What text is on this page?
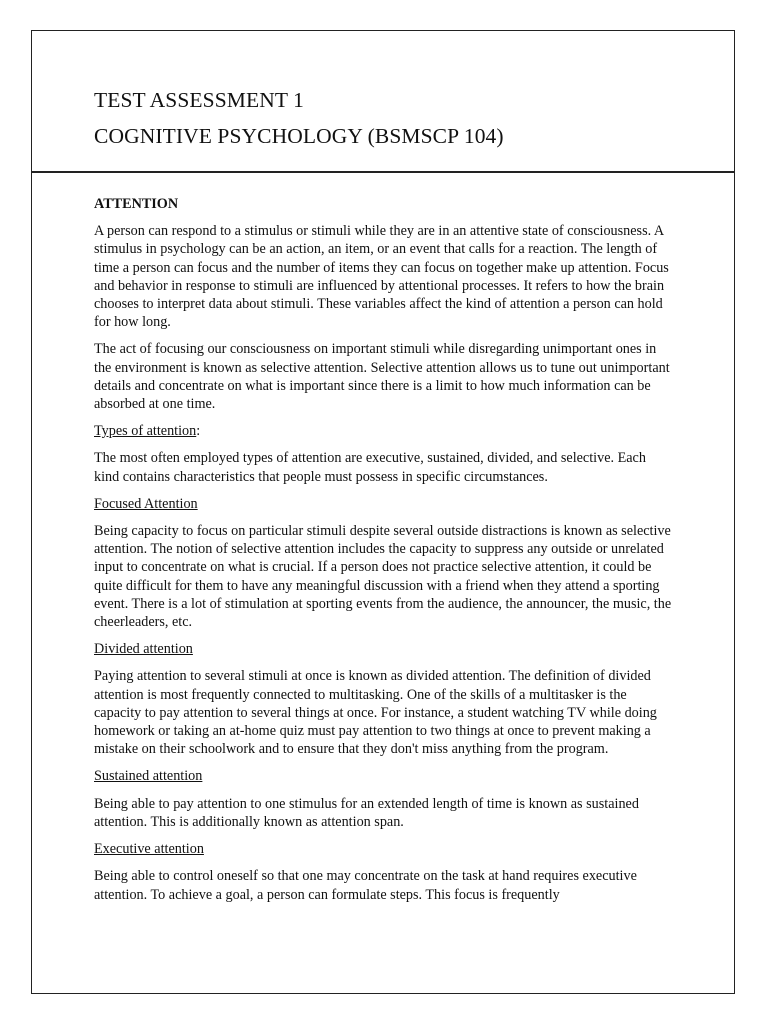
TEST ASSESSMENT 1
COGNITIVE PSYCHOLOGY (BSMSCP 104)

ATTENTION

A person can respond to a stimulus or stimuli while they are in an attentive state of consciousness. A stimulus in psychology can be an action, an item, or an event that calls for a reaction. The length of time a person can focus and the number of items they can focus on together make up attention. Focus and behavior in response to stimuli are influenced by attentional processes. It refers to how the brain chooses to interpret data about stimuli. These variables affect the kind of attention a person can hold for how long.

The act of focusing our consciousness on important stimuli while disregarding unimportant ones in the environment is known as selective attention. Selective attention allows us to tune out unimportant details and concentrate on what is important since there is a limit to how much information can be absorbed at one time.

Types of attention:

The most often employed types of attention are executive, sustained, divided, and selective. Each kind contains characteristics that people must possess in specific circumstances.

Focused Attention

Being capacity to focus on particular stimuli despite several outside distractions is known as selective attention. The notion of selective attention includes the capacity to suppress any outside or unrelated input to concentrate on what is crucial. If a person does not practice selective attention, it could be quite difficult for them to have any meaningful discussion with a friend when they attend a sporting event. There is a lot of stimulation at sporting events from the audience, the announcer, the music, the cheerleaders, etc.

Divided attention

Paying attention to several stimuli at once is known as divided attention. The definition of divided attention is most frequently connected to multitasking. One of the skills of a multitasker is the capacity to pay attention to several things at once. For instance, a student watching TV while doing homework or taking an at-home quiz must pay attention to two things at once to prevent making a mistake on their schoolwork and to ensure that they don't miss anything from the program.

Sustained attention

Being able to pay attention to one stimulus for an extended length of time is known as sustained attention. This is additionally known as attention span.

Executive attention

Being able to control oneself so that one may concentrate on the task at hand requires executive attention. To achieve a goal, a person can formulate steps. This focus is frequently
